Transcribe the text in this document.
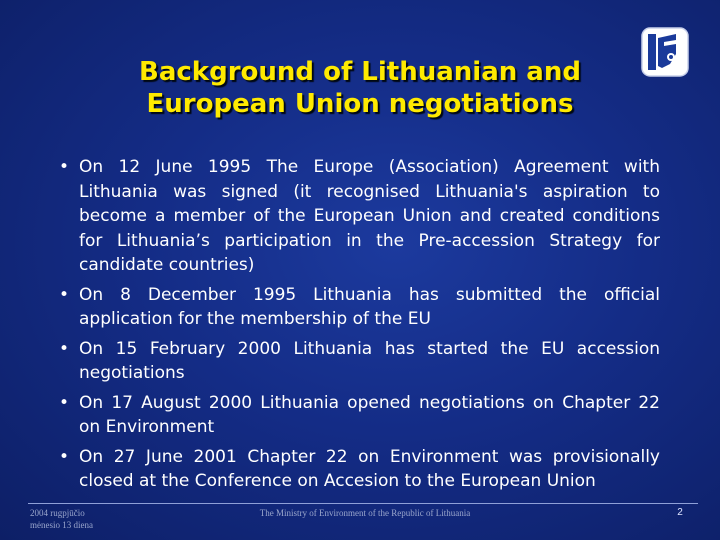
Background of Lithuanian and
European Union negotiations
• On 12 June 1995 The Europe (Association) Agreement with Lithuania was signed (it recognised Lithuania's aspiration to become a member of the European Union and created conditions for Lithuania’s participation in the Pre-accession Strategy for candidate countries)
• On 8 December 1995 Lithuania has submitted the official application for the membership of the EU
• On 15 February 2000 Lithuania has started the EU accession negotiations
• On 17 August 2000 Lithuania opened negotiations on Chapter 22 on Environment
• On 27 June 2001 Chapter 22 on Environment was provisionally closed at the Conference on Accesion to the European Union
2004 rugpjūčio
mėnesio 13 diena
The Ministry of Environment of the Republic of Lithuania	2
